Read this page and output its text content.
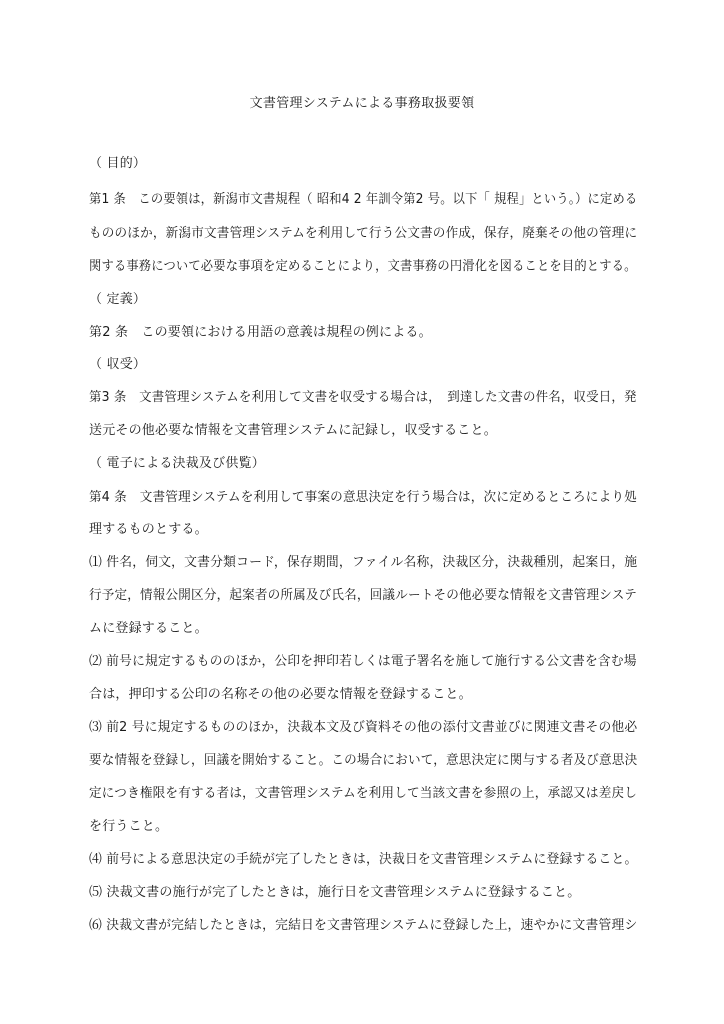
文書管理システムによる事務取扱要領
（ 目的）
第1 条　この要領は，新潟市文書規程（ 昭和4 2 年訓令第2 号。以下「 規程」という。）に定める
もののほか，新潟市文書管理システムを利用して行う公文書の作成，保存，廃棄その他の管理に
関する事務について必要な事項を定めることにより，文書事務の円滑化を図ることを目的とする。
（ 定義）
第2 条　この要領における用語の意義は規程の例による。
（ 収受）
第3 条　文書管理システムを利用して文書を収受する場合は，　到達した文書の件名，収受日，発
送元その他必要な情報を文書管理システムに記録し，収受すること。
（ 電子による決裁及び供覧）
第4 条　文書管理システムを利用して事案の意思決定を行う場合は，次に定めるところにより処
理するものとする。
⑴ 件名，伺文，文書分類コード，保存期間，ファイル名称，決裁区分，決裁種別，起案日，施
行予定，情報公開区分，起案者の所属及び氏名，回議ルートその他必要な情報を文書管理システ
ムに登録すること。
⑵ 前号に規定するもののほか，公印を押印若しくは電子署名を施して施行する公文書を含む場
合は，押印する公印の名称その他の必要な情報を登録すること。
⑶ 前2 号に規定するもののほか，決裁本文及び資料その他の添付文書並びに関連文書その他必
要な情報を登録し，回議を開始すること。この場合において，意思決定に関与する者及び意思決
定につき権限を有する者は，文書管理システムを利用して当該文書を参照の上，承認又は差戻し
を行うこと。
⑷ 前号による意思決定の手続が完了したときは，決裁日を文書管理システムに登録すること。
⑸ 決裁文書の施行が完了したときは，施行日を文書管理システムに登録すること。
⑹ 決裁文書が完結したときは，完結日を文書管理システムに登録した上，速やかに文書管理シ
